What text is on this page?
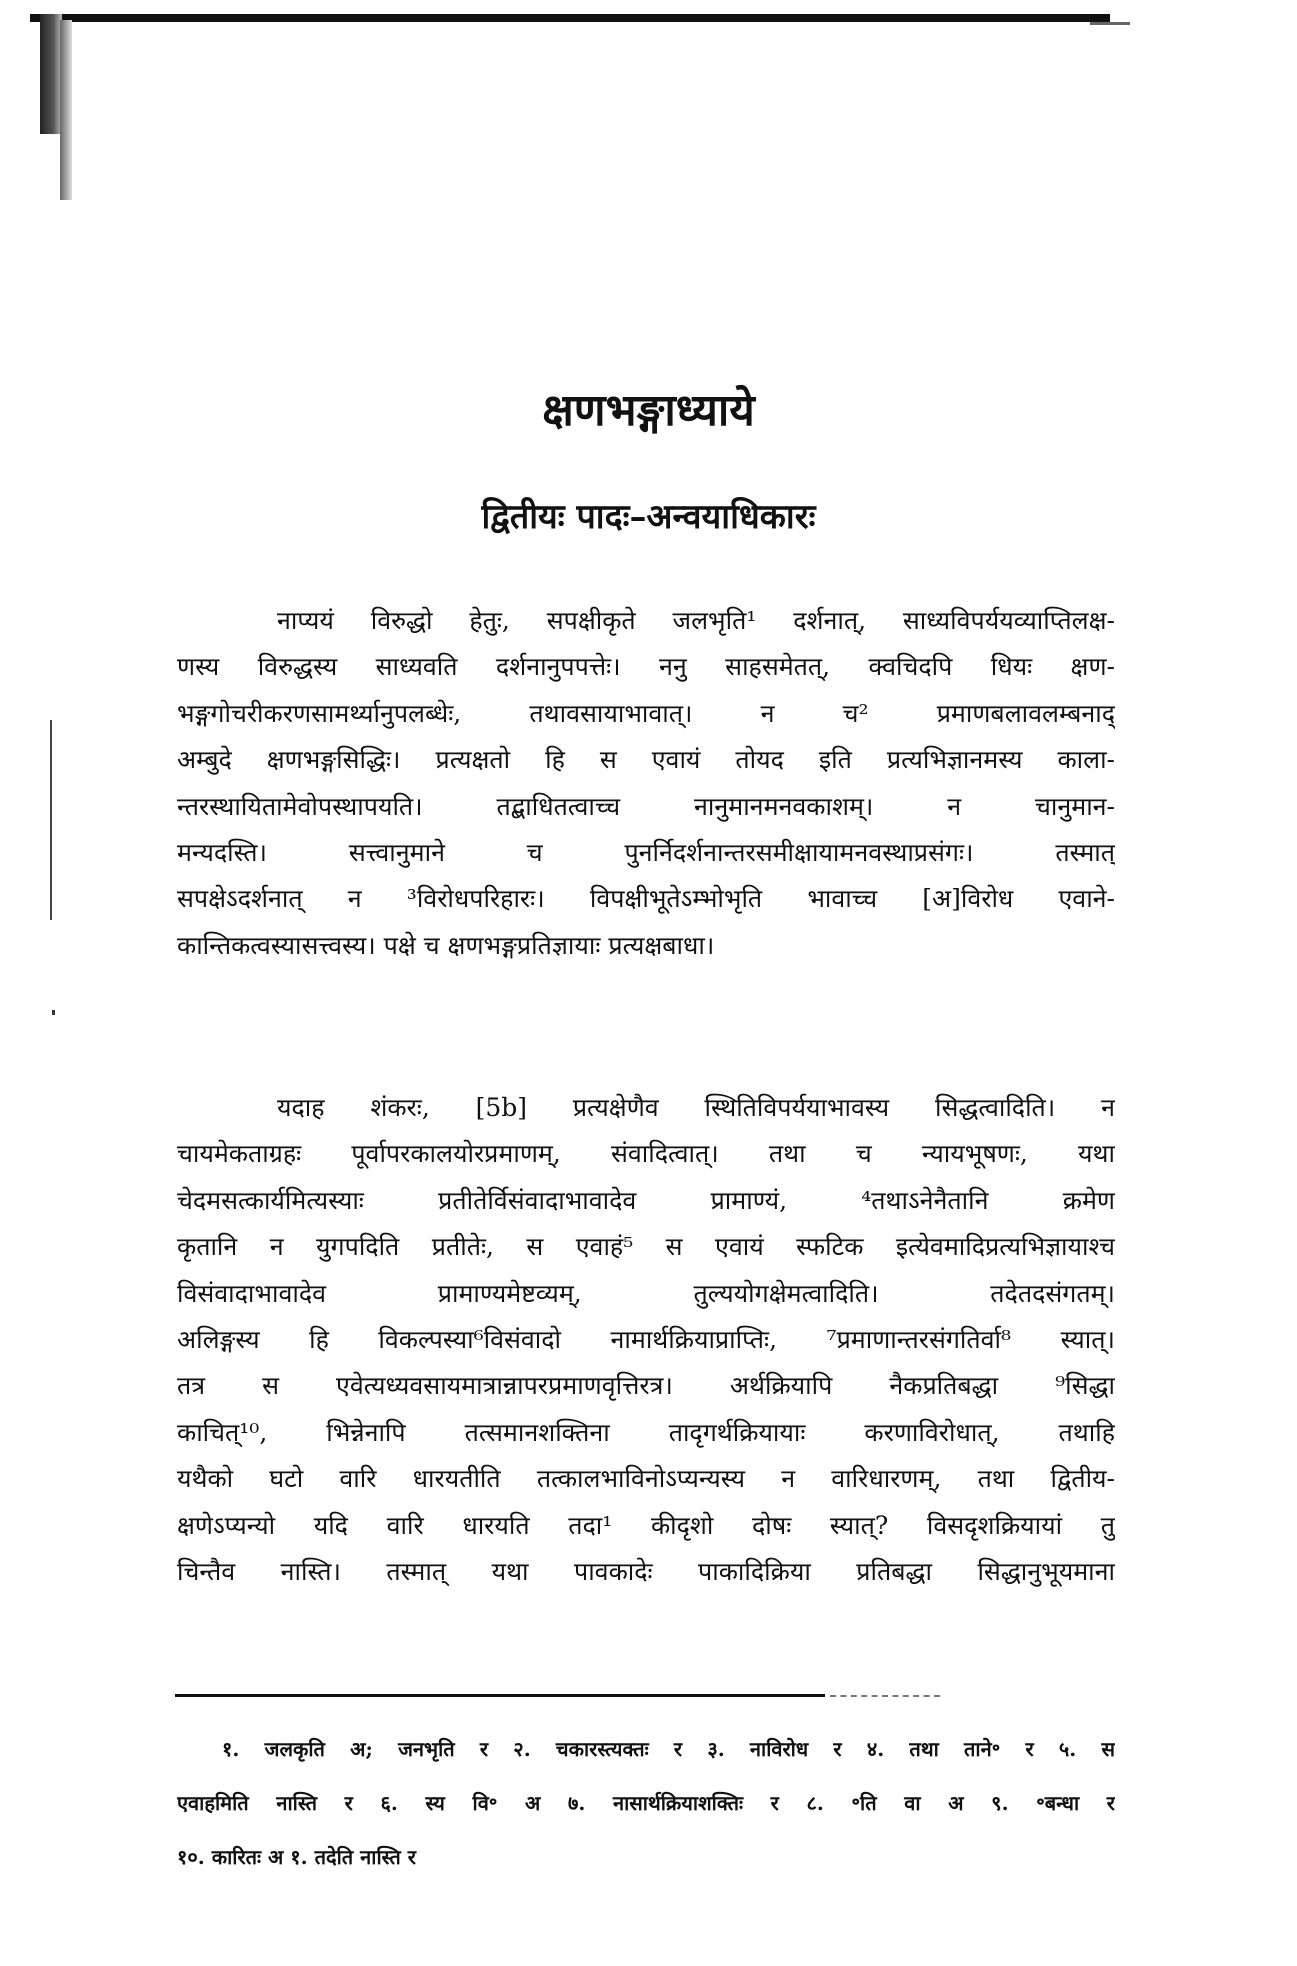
क्षणभङ्गाध्याये
द्वितीयः पादः–अन्वयाधिकारः
नाप्ययं विरुद्धो हेतुः, सपक्षीकृते जलभृति¹ दर्शनात्, साध्यविपर्ययव्याप्तिलक्ष-
णस्य विरुद्धस्य साध्यवति दर्शनानुपपत्तेः। ननु साहसमेतत्, क्वचिदपि धियः क्षण-
भङ्गगोचरीकरणसामर्थ्यानुपलब्धेः, तथावसायाभावात्। न च² प्रमाणबलावलम्बनाद्
अम्बुदे क्षणभङ्गसिद्धिः। प्रत्यक्षतो हि स एवायं तोयद इति प्रत्यभिज्ञानमस्य काला-
न्तरस्थायितामेवोपस्थापयति। तद्बाधितत्वाच्च नानुमानमनवकाशम्। न चानुमान-
मन्यदस्ति। सत्त्वानुमाने च पुनर्निदर्शनान्तरसमीक्षायामनवस्थाप्रसंगः। तस्मात्
सपक्षेऽदर्शनात् न ³विरोधपरिहारः। विपक्षीभूतेऽम्भोभृति भावाच्च [अ]विरोध एवाने-
कान्तिकत्वस्यासत्त्वस्य। पक्षे च क्षणभङ्गप्रतिज्ञायाः प्रत्यक्षबाधा।
यदाह शंकरः, [5b] प्रत्यक्षेणैव स्थितिविपर्ययाभावस्य सिद्धत्वादिति। न
चायमेकताग्रहः पूर्वापरकालयोरप्रमाणम्, संवादित्वात्। तथा च न्यायभूषणः, यथा
चेदमसत्कार्यमित्यस्याः प्रतीतेर्विसंवादाभावादेव प्रामाण्यं, ⁴तथाऽनेनैतानि क्रमेण
कृतानि न युगपदिति प्रतीतेः, स एवाहं⁵ स एवायं स्फटिक इत्येवमादिप्रत्यभिज्ञायाश्च
विसंवादाभावादेव प्रामाण्यमेष्टव्यम्, तुल्ययोगक्षेमत्वादिति। तदेतदसंगतम्।
अलिङ्गस्य हि विकल्पस्या⁶विसंवादो नामार्थक्रियाप्राप्तिः, ⁷प्रमाणान्तरसंगतिर्वा⁸ स्यात्।
तत्र स एवेत्यध्यवसायमात्रान्नापरप्रमाणवृत्तिरत्र। अर्थक्रियापि नैकप्रतिबद्धा ⁹सिद्धा
काचित्¹⁰, भिन्नेनापि तत्समानशक्तिना तादृगर्थक्रियायाः करणाविरोधात्, तथाहि
यथैको घटो वारि धारयतीति तत्कालभाविनोऽप्यन्यस्य न वारिधारणम्, तथा द्वितीय-
क्षणेऽप्यन्यो यदि वारि धारयति तदा¹ कीदृशो दोषः स्यात्? विसदृशक्रियायां तु
चिन्तैव नास्ति। तस्मात् यथा पावकादेः पाकादिक्रिया प्रतिबद्धा सिद्धानुभूयमाना
१. जलकृति अ; जनभृति र २. चकारस्त्यक्तः र ३. नाविरोध र ४. तथा ताने॰ र ५. स
एवाहमिति नास्ति र ६. स्य वि॰ अ ७. नासार्थक्रियाशक्तिः र ८. ॰ति वा अ ९. ॰बन्धा र
१०. कारितः अ १. तदेति नास्ति र
